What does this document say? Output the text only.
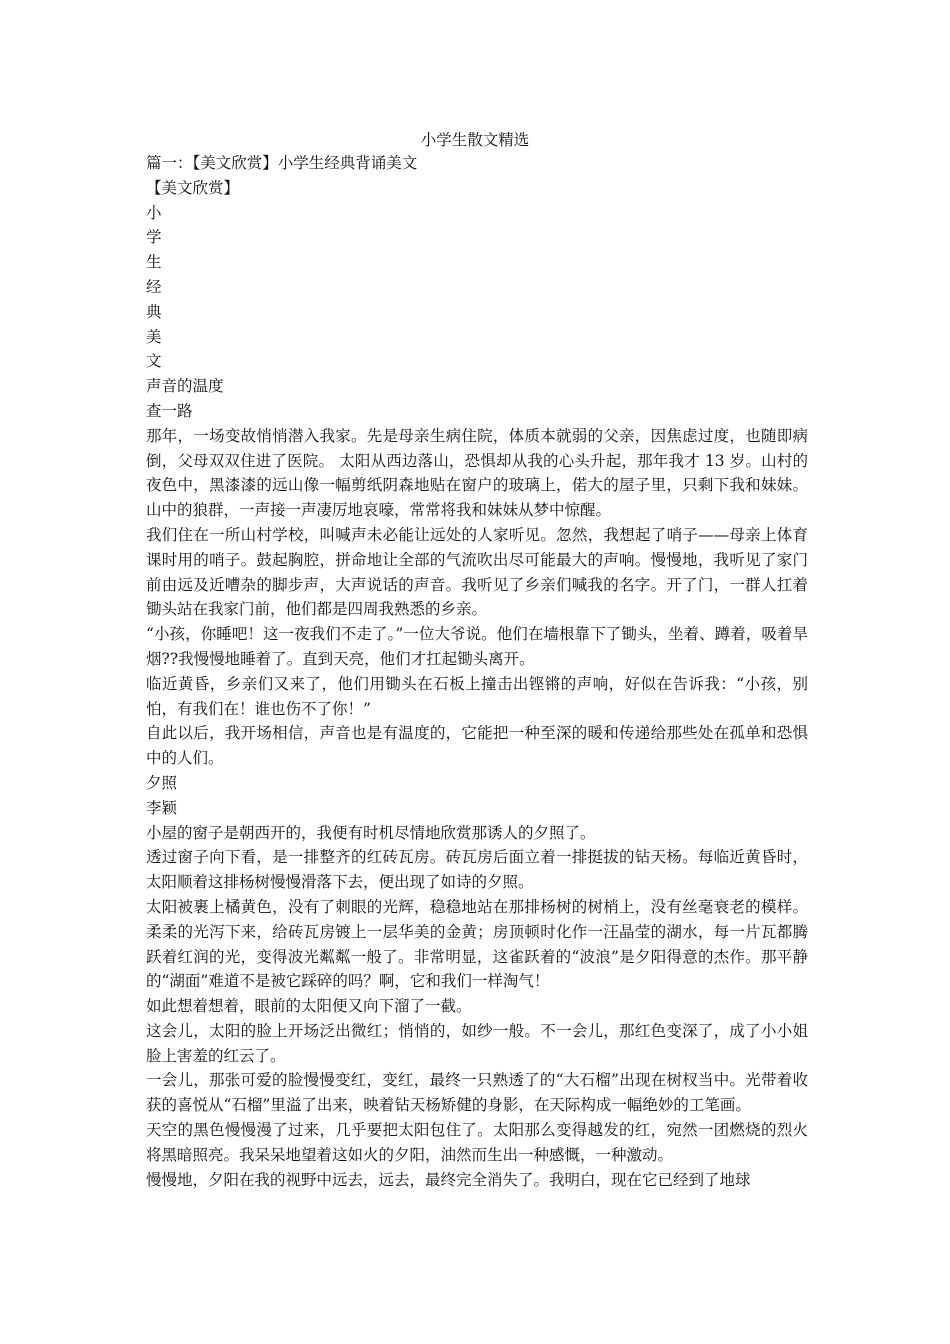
小学生散文精选

篇一：【美文欣赏】小学生经典背诵美文

【美文欣赏】

小

学

生

经

典

美

文

声音的温度

查一路

那年，一场变故悄悄潜入我家。先是母亲生病住院，体质本就弱的父亲，因焦虑过度，也随即病倒，父母双双住进了医院。 太阳从西边落山，恐惧却从我的心头升起，那年我才 13 岁。山村的夜色中，黑漆漆的远山像一幅剪纸阴森地贴在窗户的玻璃上，偌大的屋子里，只剩下我和妹妹。山中的狼群，一声接一声凄厉地哀嚎，常常将我和妹妹从梦中惊醒。

我们住在一所山村学校，叫喊声未必能让远处的人家听见。忽然，我想起了哨子——母亲上体育课时用的哨子。鼓起胸腔，拼命地让全部的气流吹出尽可能最大的声响。慢慢地，我听见了家门前由远及近嘈杂的脚步声，大声说话的声音。我听见了乡亲们喊我的名字。开了门，一群人扛着锄头站在我家门前，他们都是四周我熟悉的乡亲。

“小孩，你睡吧！这一夜我们不走了。”一位大爷说。他们在墙根靠下了锄头，坐着、蹲着，吸着旱烟??我慢慢地睡着了。直到天亮，他们才扛起锄头离开。

临近黄昏，乡亲们又来了，他们用锄头在石板上撞击出铿锵的声响，好似在告诉我：“小孩，别怕，有我们在！谁也伤不了你！”

自此以后，我开场相信，声音也是有温度的，它能把一种至深的暖和传递给那些处在孤单和恐惧中的人们。

夕照

李颖

小屋的窗子是朝西开的，我便有时机尽情地欣赏那诱人的夕照了。

透过窗子向下看，是一排整齐的红砖瓦房。砖瓦房后面立着一排挺拔的钻天杨。每临近黄昏时，太阳顺着这排杨树慢慢滑落下去，便出现了如诗的夕照。

太阳被裹上橘黄色，没有了刺眼的光辉，稳稳地站在那排杨树的树梢上，没有丝毫衰老的模样。柔柔的光泻下来，给砖瓦房镀上一层华美的金黄；房顶顿时化作一汪晶莹的湖水，每一片瓦都腾跃着红润的光，变得波光粼粼一般了。非常明显，这雀跃着的“波浪”是夕阳得意的杰作。那平静的“湖面”难道不是被它踩碎的吗？啊，它和我们一样淘气！

如此想着想着，眼前的太阳便又向下溜了一截。

这会儿，太阳的脸上开场泛出微红；悄悄的，如纱一般。不一会儿，那红色变深了，成了小小姐脸上害羞的红云了。

一会儿，那张可爱的脸慢慢变红，变红，最终一只熟透了的“大石榴”出现在树杈当中。光带着收获的喜悦从“石榴”里溢了出来，映着钻天杨矫健的身影，在天际构成一幅绝妙的工笔画。

天空的黑色慢慢漫了过来，几乎要把太阳包住了。太阳那么变得越发的红，宛然一团燃烧的烈火将黑暗照亮。我呆呆地望着这如火的夕阳，油然而生出一种感慨，一种激动。

慢慢地，夕阳在我的视野中远去，远去，最终完全消失了。我明白，现在它已经到了地球
